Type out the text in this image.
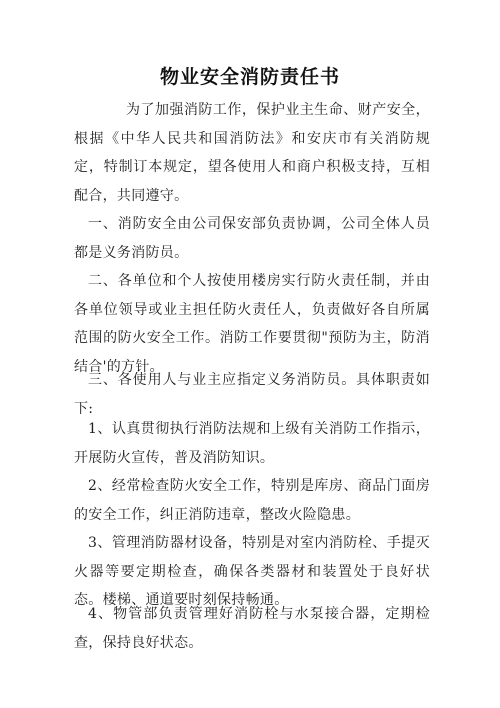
物业安全消防责任书

为了加强消防工作，保护业主生命、财产安全，根据《中华人民共和国消防法》和安庆市有关消防规定，特制订本规定，望各使用人和商户积极支持，互相配合，共同遵守。

一、消防安全由公司保安部负责协调，公司全体人员都是义务消防员。

二、各单位和个人按使用楼房实行防火责任制，并由各单位领导或业主担任防火责任人，负责做好各自所属范围的防火安全工作。消防工作要贯彻"预防为主，防消结合'的方针。

三、各使用人与业主应指定义务消防员。具体职责如下:

1、认真贯彻执行消防法规和上级有关消防工作指示，开展防火宣传，普及消防知识。

2、经常检查防火安全工作，特别是库房、商品门面房的安全工作，纠正消防违章，整改火险隐患。

3、管理消防器材设备，特别是对室内消防栓、手提灭火器等要定期检查，确保各类器材和装置处于良好状态。楼梯、通道要时刻保持畅通。

4、物管部负责管理好消防栓与水泵接合器，定期检查，保持良好状态。
